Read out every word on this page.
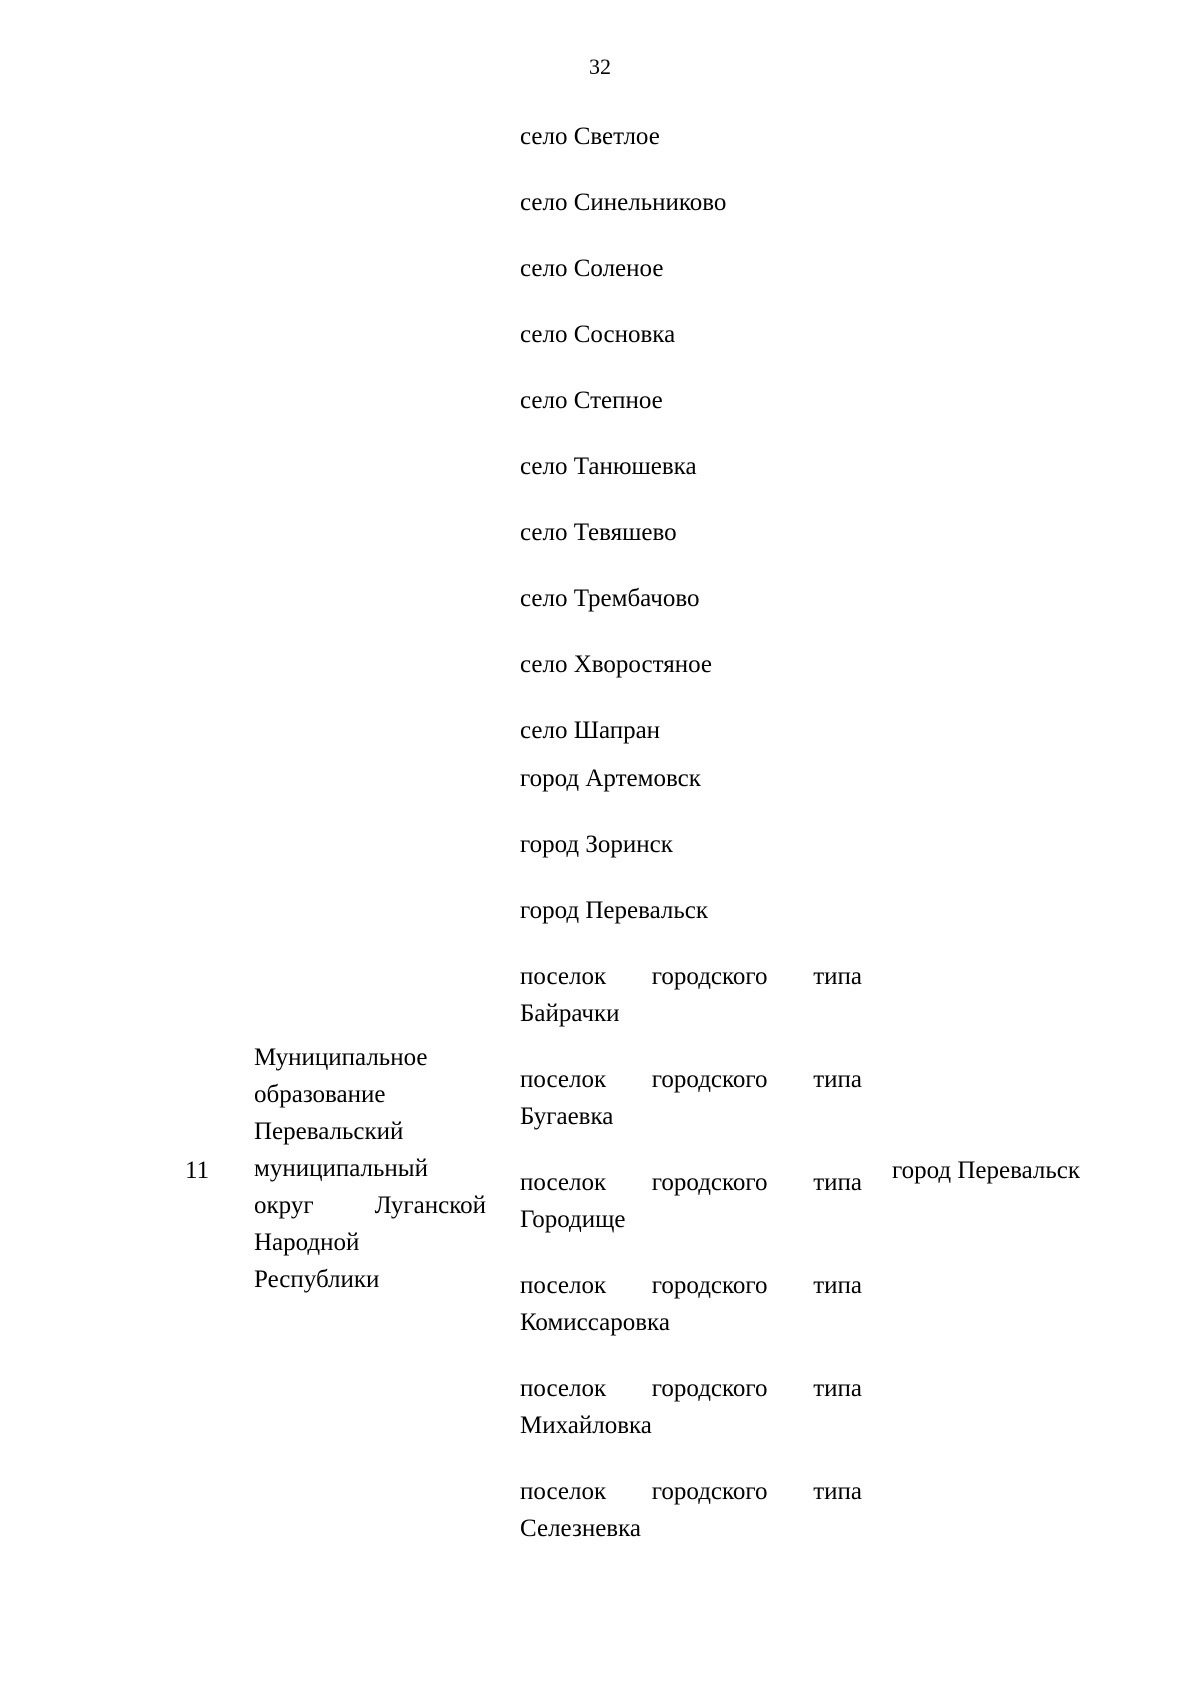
32

село Светлое

село Синельниково

село Соленое

село Сосновка

село Степное

село Танюшевка

село Тевяшево

село Трембачово

село Хворостяное

село Шапран

город Артемовск

город Зоринск

город Перевальск

поселок городского типа Байрачки

поселок городского типа Бугаевка

поселок городского типа Городище

поселок городского типа Комиссаровка

поселок городского типа Михайловка

поселок городского типа Селезневка

11

Муниципальное образование Перевальский муниципальный округ Луганской Народной Республики

город Перевальск
